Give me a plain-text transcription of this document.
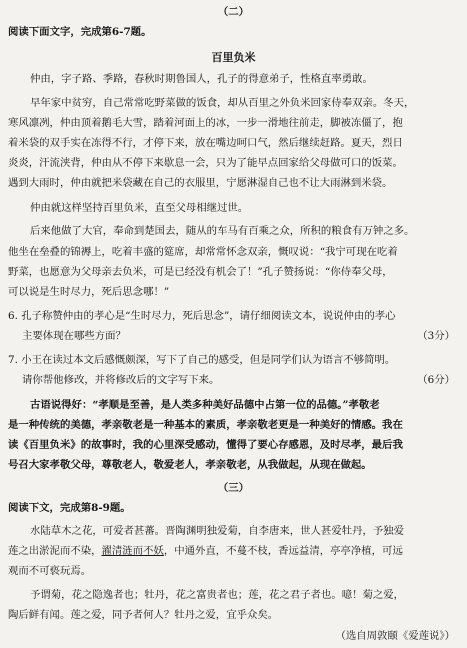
（二）
阅读下面文字，完成第6-7题。
百里负米
仲由，字子路、季路，春秋时期鲁国人，孔子的得意弟子，性格直率勇敢。
早年家中贫穷，自己常常吃野菜做的饭食，却从百里之外负米回家侍奉双亲。冬天，
寒风凛冽，仲由顶着鹅毛大雪，踏着河面上的冰，一步一滑地往前走，脚被冻僵了，抱
着米袋的双手实在冻得不行，才停下来，放在嘴边呵口气，然后继续赶路。夏天，烈日
炎炎，汗流浃背，仲由从不停下来歇息一会，只为了能早点回家给父母做可口的饭菜。
遇到大雨时，仲由就把米袋藏在自己的衣服里，宁愿淋湿自己也不让大雨淋到米袋。
仲由就这样坚持百里负米，直至父母相继过世。
后来他做了大官，奉命到楚国去，随从的车马有百乘之众，所积的粮食有万钟之多。
他坐在垒叠的锦褥上，吃着丰盛的筵席，却常常怀念双亲，慨叹说：“我宁可现在吃着
野菜，也愿意为父母亲去负米，可是已经没有机会了！”孔子赞扬说：“你侍奉父母，
可以说是生时尽力，死后思念哪！”
6. 孔子称赞仲由的孝心是“生时尽力，死后思念”，请仔细阅读文本，说说仲由的孝心
主要体现在哪些方面？	（3分）
7. 小王在读过本文后感慨颇深，写下了自己的感受，但是同学们认为语言不够简明。
请你帮他修改，并将修改后的文字写下来。	（6分）
古语说得好：“孝顺是至善，是人类多种美好品德中占第一位的品德。”孝敬老
是一种传统的美德，孝亲敬老是一种基本的素质，孝亲敬老更是一种美好的情感。我在
读《百里负米》的故事时，我的心里深受感动，懂得了要心存感恩，及时尽孝，最后我
号召大家孝敬父母，尊敬老人，敬爱老人，孝亲敬老，从我做起，从现在做起。
（三）
阅读下文，完成第8-9题。
水陆草木之花，可爱者甚蕃。晋陶渊明独爱菊，自李唐来，世人甚爱牡丹，予独爱
莲之出淤泥而不染，濯清涟而不妖，中通外直，不蔓不枝，香远益清，亭亭净植，可远
观而不可亵玩焉。
予谓菊，花之隐逸者也；牡丹，花之富贵者也；莲，花之君子者也。噫！菊之爱，
陶后鲜有闻。莲之爱，同予者何人？牡丹之爱，宜乎众矣。
（选自周敦颐《爱莲说》）
